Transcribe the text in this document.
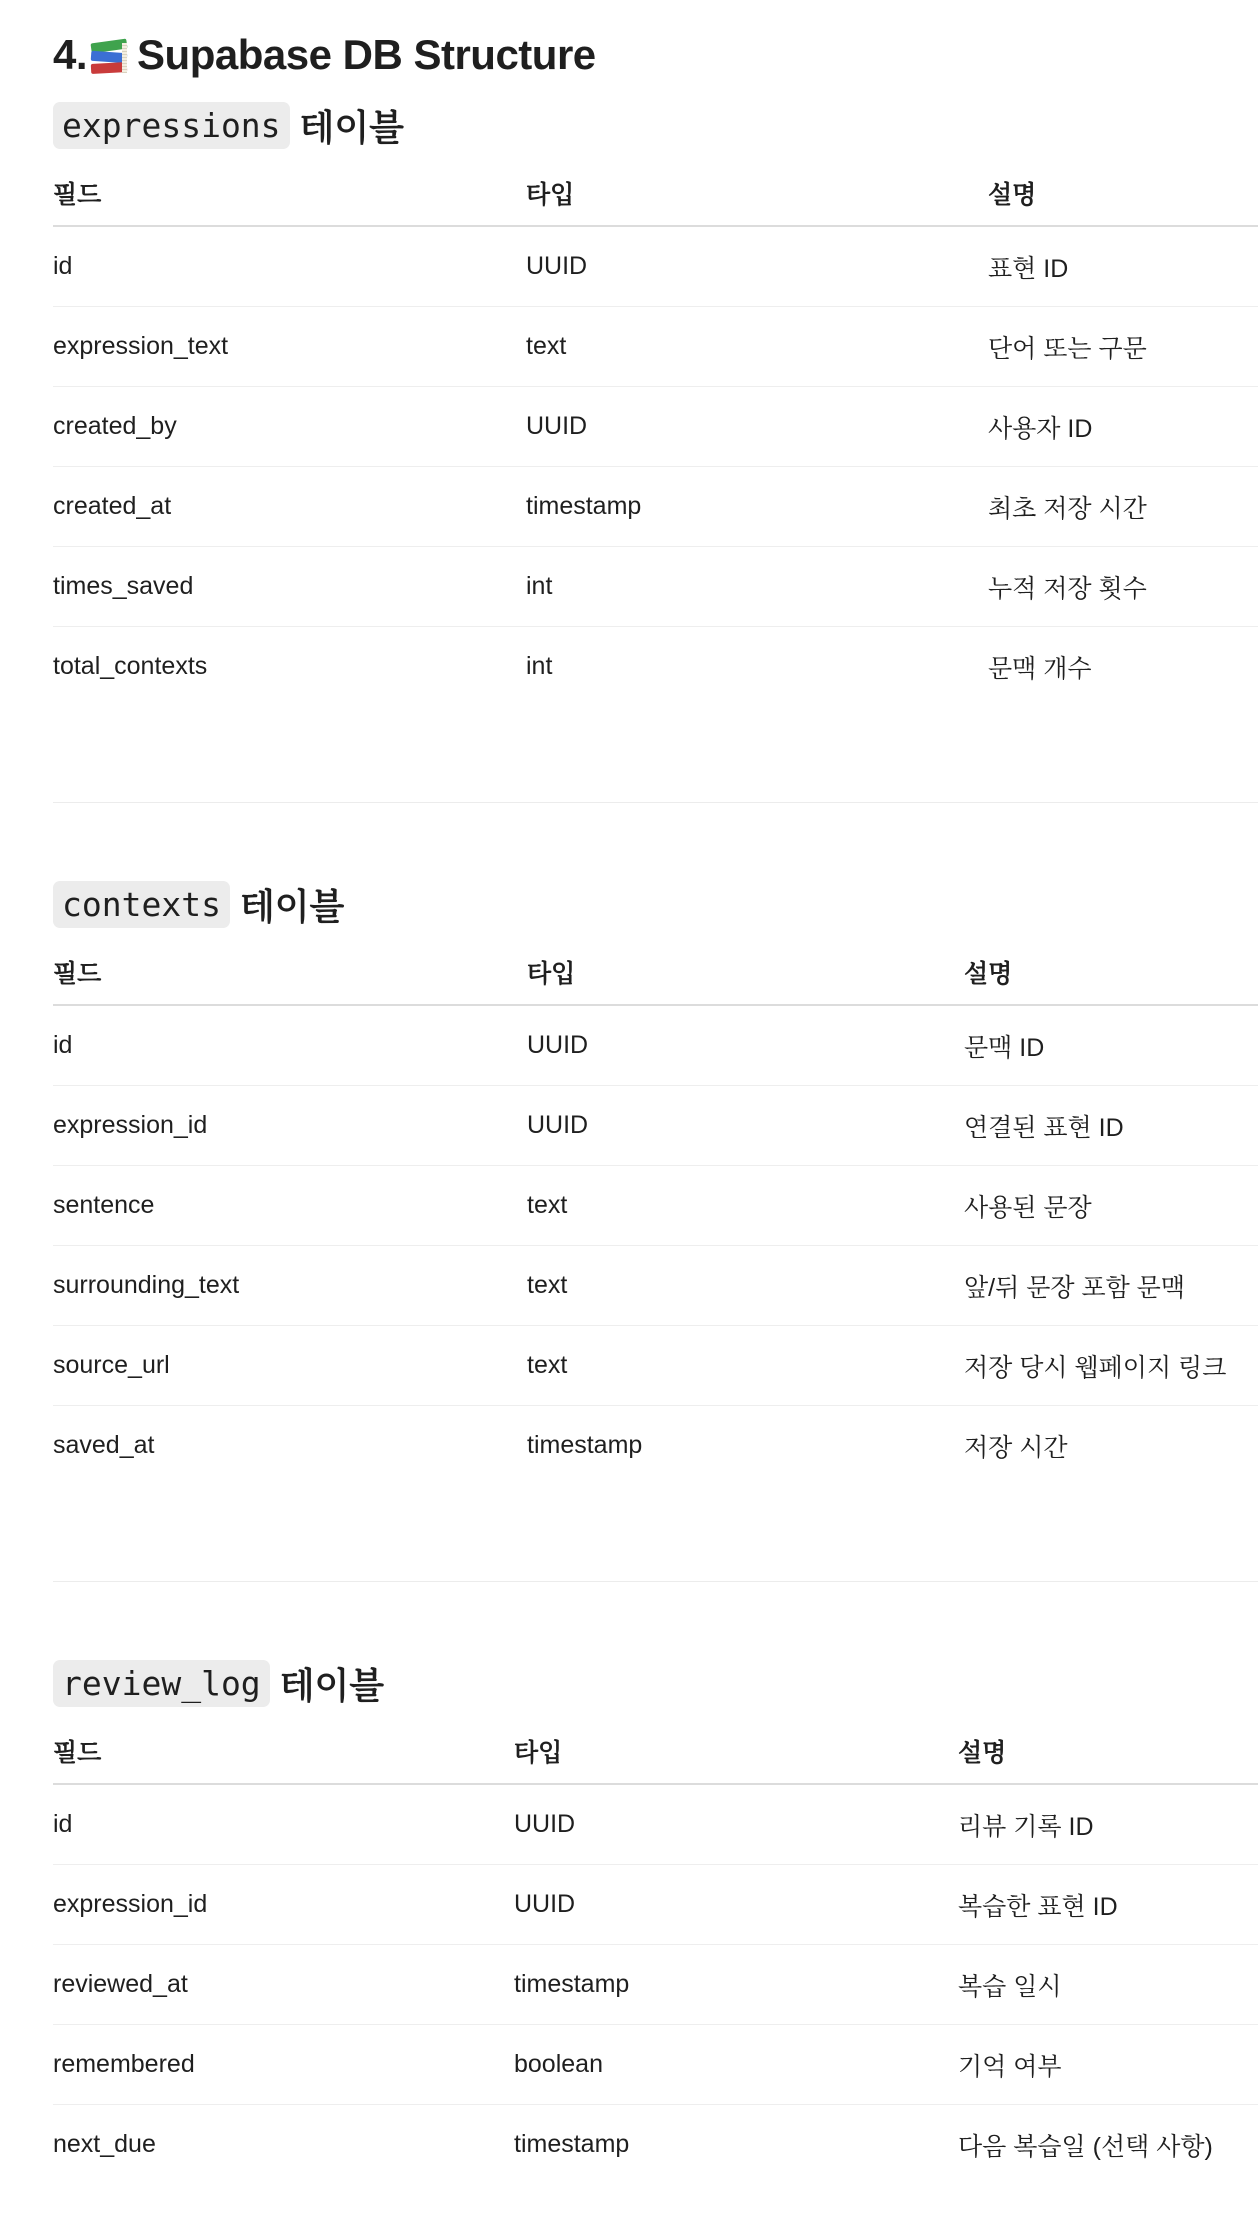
4. Supabase DB Structure
expressions 테이블
필드	타입	설명
id	UUID	표현 ID
expression_text	text	단어 또는 구문
created_by	UUID	사용자 ID
created_at	timestamp	최초 저장 시간
times_saved	int	누적 저장 횟수
total_contexts	int	문맥 개수
contexts 테이블
필드	타입	설명
id	UUID	문맥 ID
expression_id	UUID	연결된 표현 ID
sentence	text	사용된 문장
surrounding_text	text	앞/뒤 문장 포함 문맥
source_url	text	저장 당시 웹페이지 링크
saved_at	timestamp	저장 시간
review_log 테이블
필드	타입	설명
id	UUID	리뷰 기록 ID
expression_id	UUID	복습한 표현 ID
reviewed_at	timestamp	복습 일시
remembered	boolean	기억 여부
next_due	timestamp	다음 복습일 (선택 사항)
